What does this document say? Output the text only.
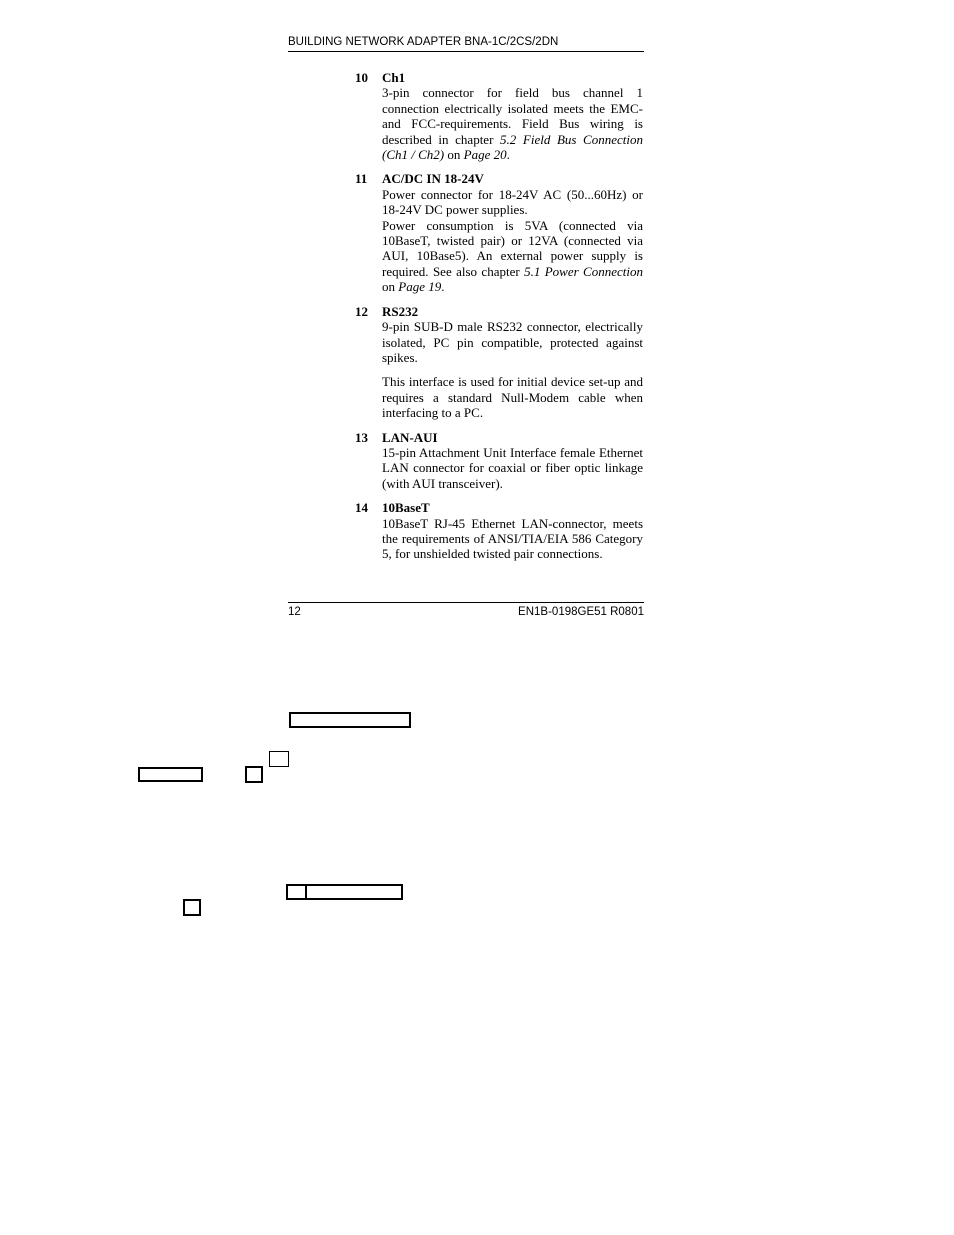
BUILDING NETWORK ADAPTER BNA-1C/2CS/2DN
10	Ch1
3-pin connector for field bus channel 1 connection electrically isolated meets the EMC-and FCC-requirements. Field Bus wiring is described in chapter 5.2 Field Bus Connection (Ch1 / Ch2) on Page 20.
11	AC/DC IN 18-24V
Power connector for 18-24V AC (50...60Hz) or 18-24V DC power supplies.
Power consumption is 5VA (connected via 10BaseT, twisted pair) or 12VA (connected via AUI, 10Base5). An external power supply is required. See also chapter 5.1 Power Connection on Page 19.
12	RS232
9-pin SUB-D male RS232 connector, electrically isolated, PC pin compatible, protected against spikes.
This interface is used for initial device set-up and requires a standard Null-Modem cable when interfacing to a PC.
13	LAN-AUI
15-pin Attachment Unit Interface female Ethernet LAN connector for coaxial or fiber optic linkage (with AUI transceiver).
14	10BaseT
10BaseT RJ-45 Ethernet LAN-connector, meets the requirements of ANSI/TIA/EIA 586 Category 5, for unshielded twisted pair connections.
12	EN1B-0198GE51 R0801
